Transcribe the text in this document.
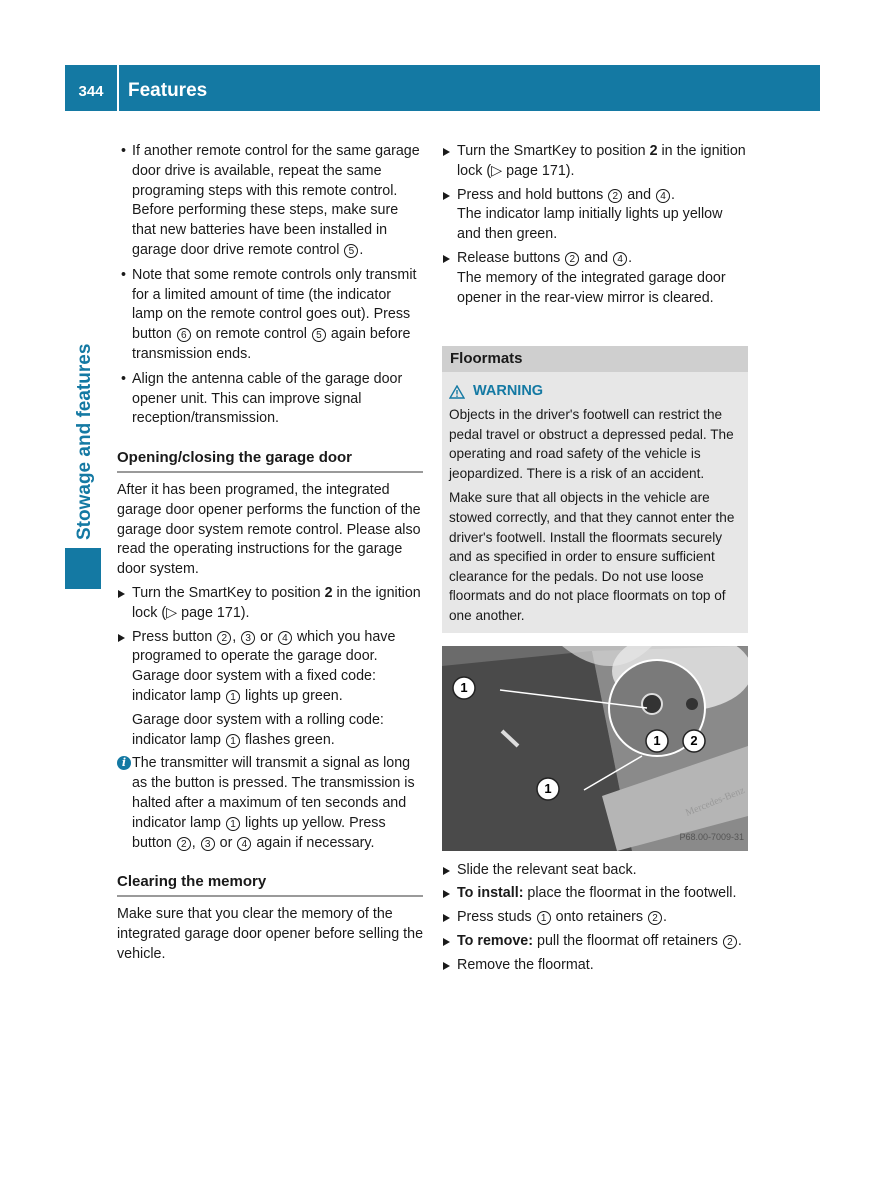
344	Features
Stowage and features
• If another remote control for the same garage door drive is available, repeat the same programing steps with this remote control. Before performing these steps, make sure that new batteries have been installed in garage door drive remote control 5 .
• Note that some remote controls only transmit for a limited amount of time (the indicator lamp on the remote control goes out). Press button 6 on remote control 5 again before transmission ends.
• Align the antenna cable of the garage door opener unit. This can improve signal reception/transmission.
Opening/closing the garage door
After it has been programed, the integrated garage door opener performs the function of the garage door system remote control. Please also read the operating instructions for the garage door system.
Turn the SmartKey to position 2 in the ignition lock (▷ page 171).
Press button 2 , 3 or 4 which you have programed to operate the garage door.
Garage door system with a fixed code: indicator lamp 1 lights up green.
Garage door system with a rolling code: indicator lamp 1 flashes green.
i The transmitter will transmit a signal as long as the button is pressed. The transmission is halted after a maximum of ten seconds and indicator lamp 1 lights up yellow. Press button 2 , 3 or 4 again if necessary.
Clearing the memory
Make sure that you clear the memory of the integrated garage door opener before selling the vehicle.
Turn the SmartKey to position 2 in the ignition lock (▷ page 171).
Press and hold buttons 2 and 4 .
The indicator lamp initially lights up yellow and then green.
Release buttons 2 and 4 .
The memory of the integrated garage door opener in the rear-view mirror is cleared.
Floormats
WARNING

Objects in the driver's footwell can restrict the pedal travel or obstruct a depressed pedal. The operating and road safety of the vehicle is jeopardized. There is a risk of an accident.

Make sure that all objects in the vehicle are stowed correctly, and that they cannot enter the driver's footwell. Install the floormats securely and as specified in order to ensure sufficient clearance for the pedals. Do not use loose floormats and do not place floormats on top of one another.

1
1
1 2
Mercedes-Benz
P68.00-7009-31
Slide the relevant seat back.
To install: place the floormat in the footwell.
Press studs 1 onto retainers 2 .
To remove: pull the floormat off retainers 2 .
Remove the floormat.
